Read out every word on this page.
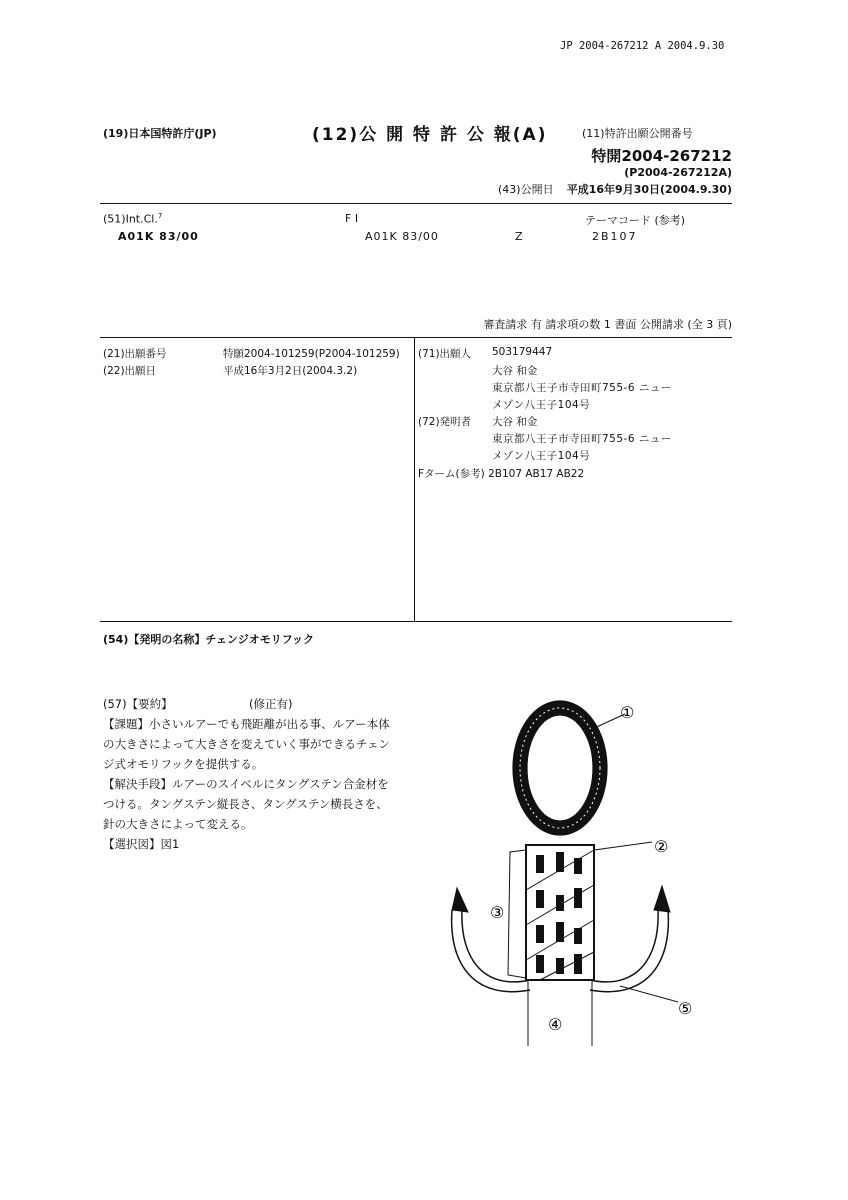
JP 2004-267212 A 2004.9.30
(19)日本国特許庁(JP)	(12)公 開 特 許 公 報(A)	(11)特許出願公開番号
特開2004-267212
(P2004-267212A)
(43)公開日 平成16年9月30日(2004.9.30)
(51)Int.Cl.$^7$
A01K 83/00
F I
A01K 83/00	Z
テーマコード (参考)
2B107
審査請求 有 請求項の数 1 書面 公開請求 (全 3 頁)
(21)出願番号	特願2004-101259(P2004-101259)
(22)出願日	平成16年3月2日(2004.3.2)
(71)出願人 503179447
大谷 和金
東京都八王子市寺田町755-6 ニュー
メゾン八王子104号
(72)発明者 大谷 和金
東京都八王子市寺田町755-6 ニュー
メゾン八王子104号
Fターム(参考) 2B107 AB17 AB22
(54)【発明の名称】チェンジオモリフック
(57)【要約】	(修正有)
【課題】小さいルアーでも飛距離が出る事、ルアー本体
の大きさによって大きさを変えていく事ができるチェン
ジ式オモリフックを提供する。
【解決手段】ルアーのスイベルにタングステン合金材を
つける。タングステン縦長さ、タングステン横長さを、
針の大きさによって変える。
【選択図】図1
①
②
③
④
⑤
